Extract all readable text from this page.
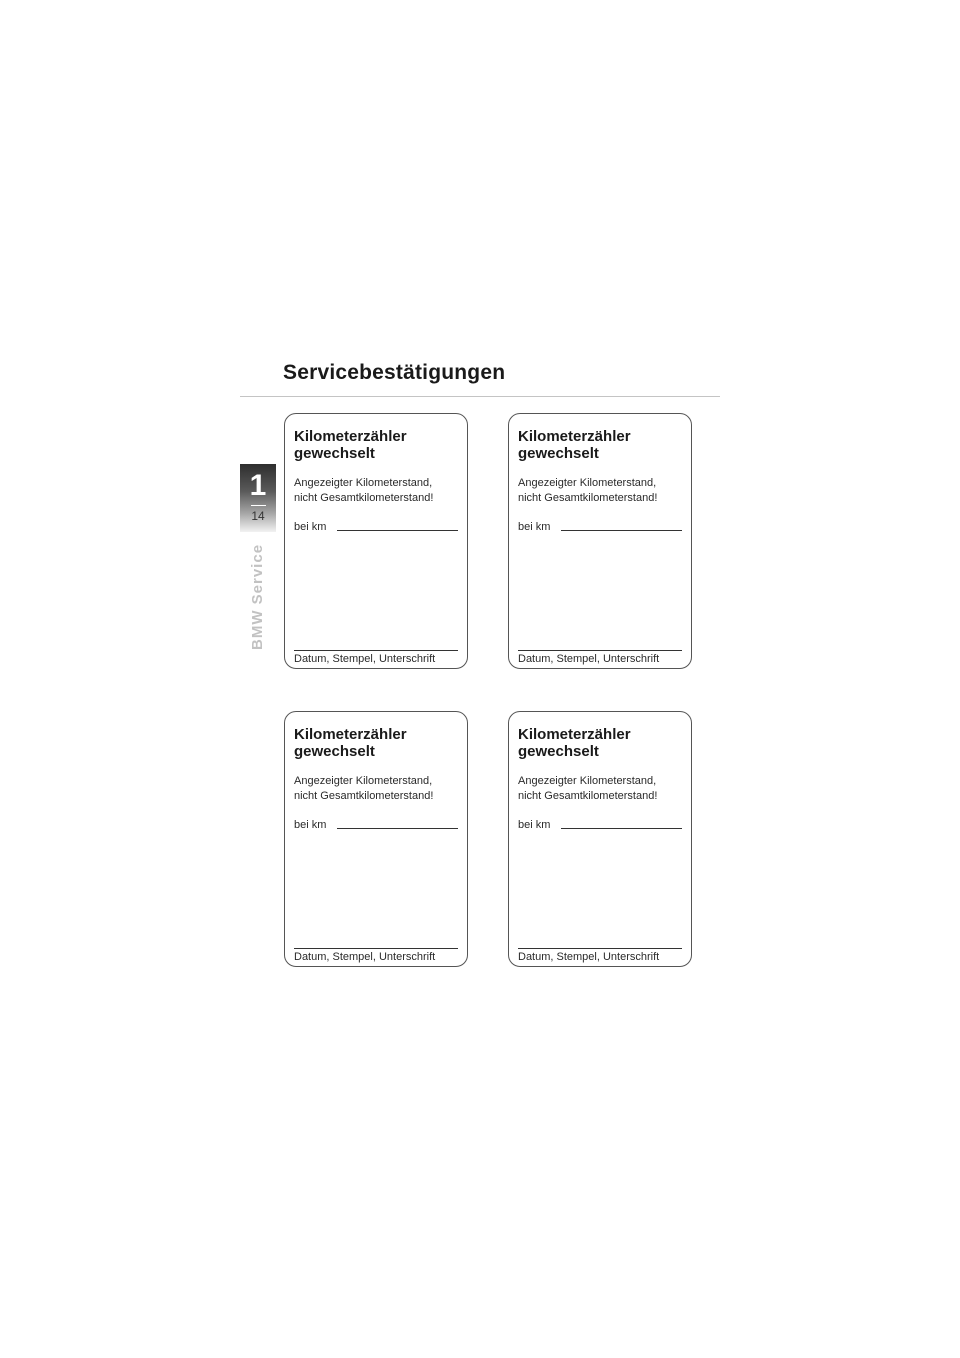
Servicebestätigungen
1
14
BMW Service
Kilometerzähler
gewechselt

Angezeigter Kilometerstand,
nicht Gesamtkilometerstand!

bei km
Datum, Stempel, Unterschrift
Kilometerzähler
gewechselt

Angezeigter Kilometerstand,
nicht Gesamtkilometerstand!

bei km
Datum, Stempel, Unterschrift
Kilometerzähler
gewechselt

Angezeigter Kilometerstand,
nicht Gesamtkilometerstand!

bei km
Datum, Stempel, Unterschrift
Kilometerzähler
gewechselt

Angezeigter Kilometerstand,
nicht Gesamtkilometerstand!

bei km
Datum, Stempel, Unterschrift
